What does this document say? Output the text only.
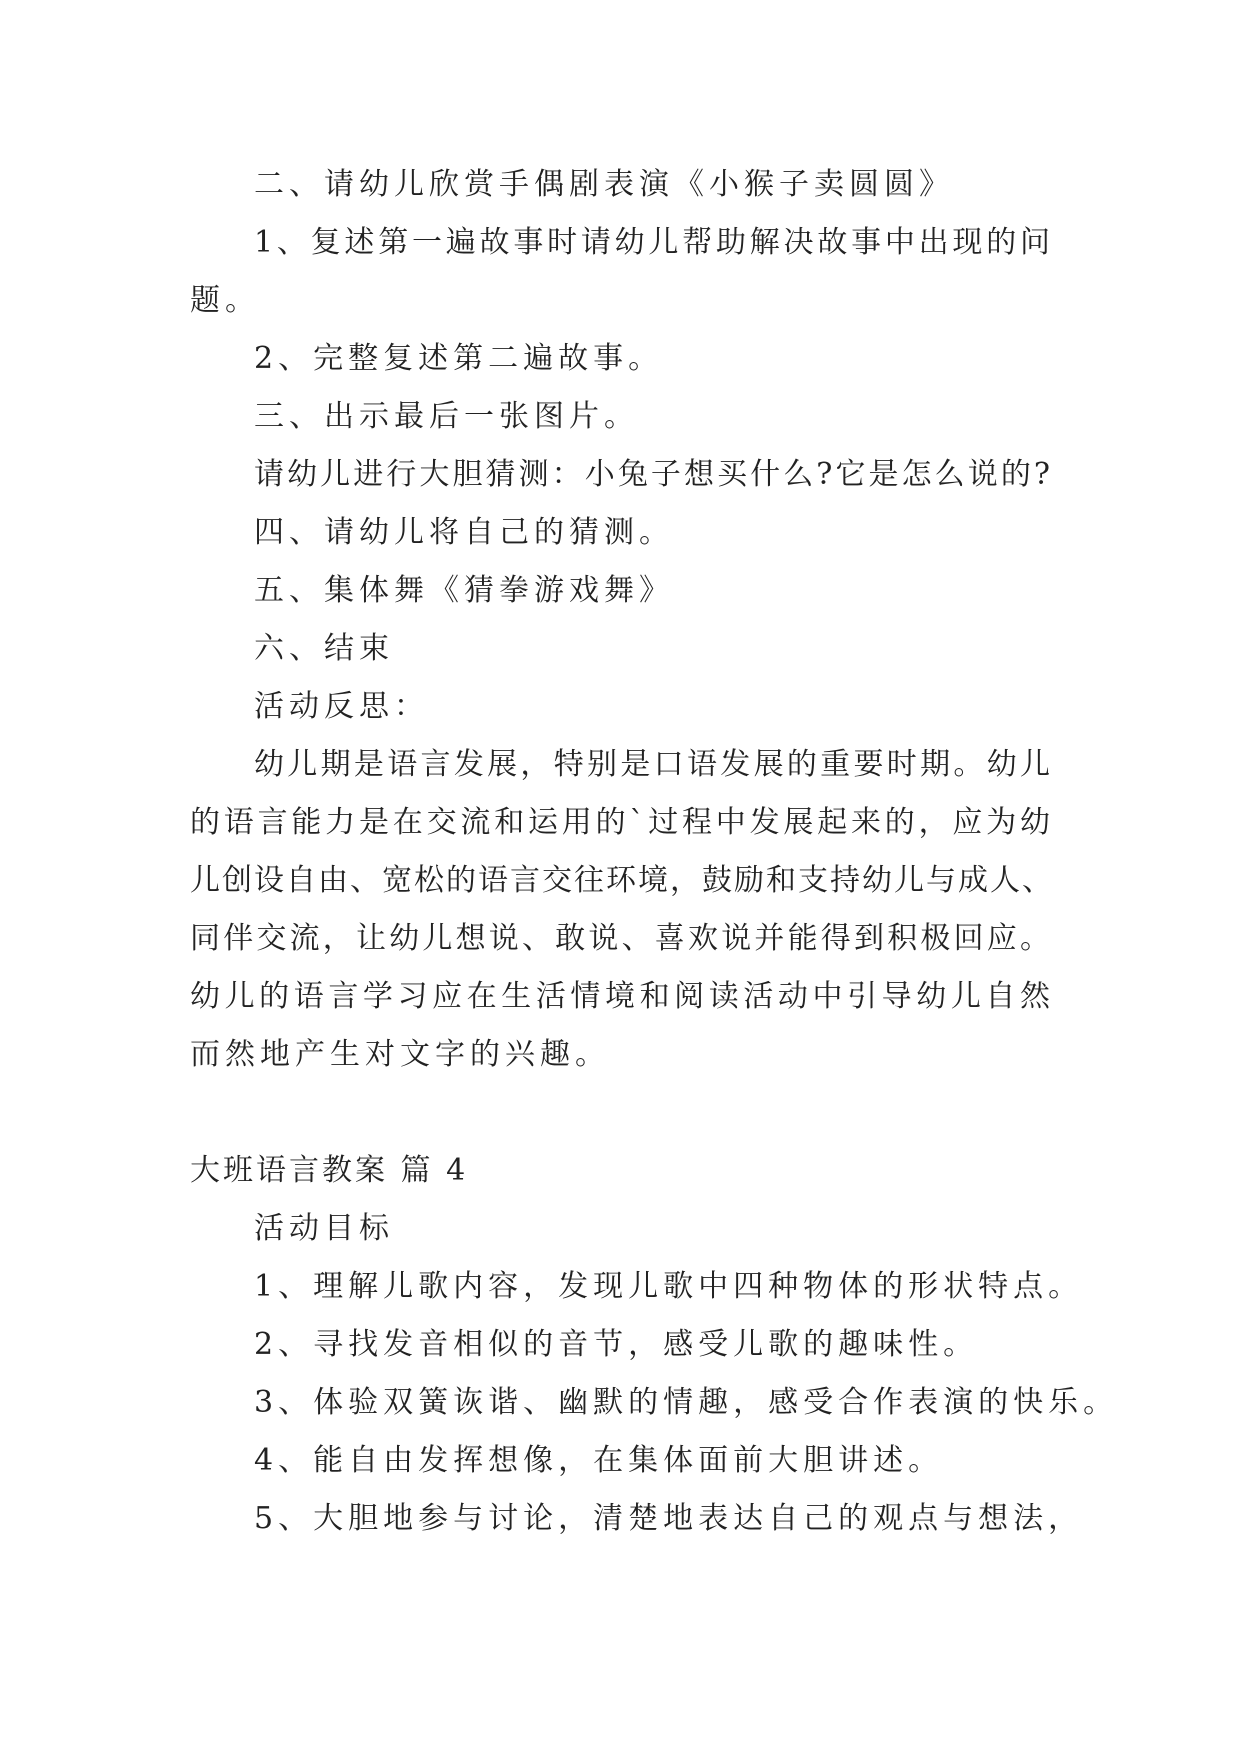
二、请幼儿欣赏手偶剧表演《小猴子卖圆圆》
1、复述第一遍故事时请幼儿帮助解决故事中出现的问
题。
2、完整复述第二遍故事。
三、出示最后一张图片。
请幼儿进行大胆猜测：小兔子想买什么?它是怎么说的?
四、请幼儿将自己的猜测。
五、集体舞《猜拳游戏舞》
六、结束
活动反思：
幼儿期是语言发展，特别是口语发展的重要时期。幼儿
的语言能力是在交流和运用的`过程中发展起来的，应为幼
儿创设自由、宽松的语言交往环境，鼓励和支持幼儿与成人、
同伴交流，让幼儿想说、敢说、喜欢说并能得到积极回应。
幼儿的语言学习应在生活情境和阅读活动中引导幼儿自然
而然地产生对文字的兴趣。
大班语言教案 篇 4
活动目标
1、理解儿歌内容，发现儿歌中四种物体的形状特点。
2、寻找发音相似的音节，感受儿歌的趣味性。
3、体验双簧诙谐、幽默的情趣，感受合作表演的快乐。
4、能自由发挥想像，在集体面前大胆讲述。
5、大胆地参与讨论，清楚地表达自己的观点与想法，
